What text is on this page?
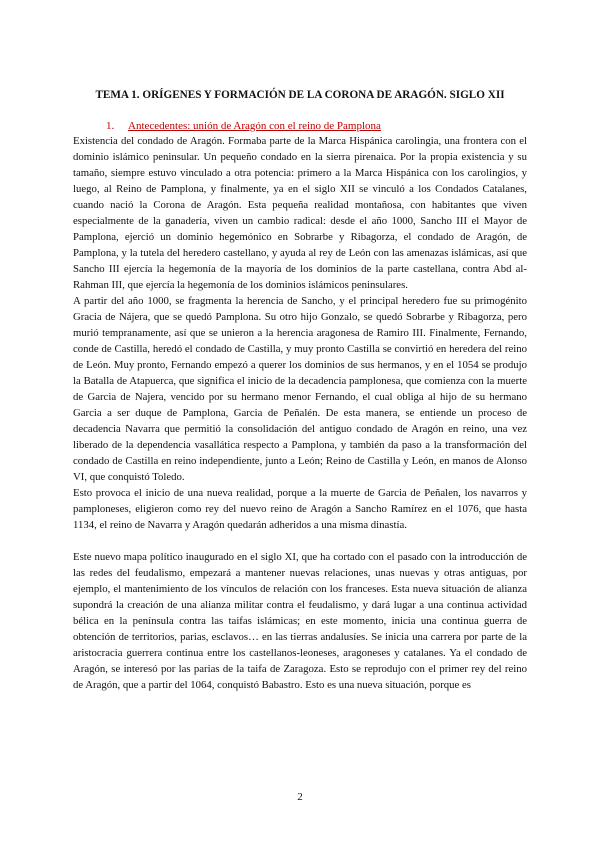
TEMA 1. ORÍGENES Y FORMACIÓN DE LA CORONA DE ARAGÓN. SIGLO XII
1. Antecedentes: unión de Aragón con el reino de Pamplona

Existencia del condado de Aragón. Formaba parte de la Marca Hispánica carolingia, una frontera con el dominio islámico peninsular. Un pequeño condado en la sierra pirenaica. Por la propia existencia y su tamaño, siempre estuvo vinculado a otra potencia: primero a la Marca Hispánica con los carolingios, y luego, al Reino de Pamplona, y finalmente, ya en el siglo XII se vinculó a los Condados Catalanes, cuando nació la Corona de Aragón. Esta pequeña realidad montañosa, con habitantes que viven especialmente de la ganadería, viven un cambio radical: desde el año 1000, Sancho III el Mayor de Pamplona, ejerció un dominio hegemónico en Sobrarbe y Ribagorza, el condado de Aragón, de Pamplona, y la tutela del heredero castellano, y ayuda al rey de León con las amenazas islámicas, así que Sancho III ejercía la hegemonía de la mayoría de los dominios de la parte castellana, contra Abd al-Rahman III, que ejercía la hegemonía de los dominios islámicos peninsulares.

A partir del año 1000, se fragmenta la herencia de Sancho, y el principal heredero fue su primogénito Gracia de Nájera, que se quedó Pamplona. Su otro hijo Gonzalo, se quedó Sobrarbe y Ribagorza, pero murió tempranamente, así que se unieron a la herencia aragonesa de Ramiro III. Finalmente, Fernando, conde de Castilla, heredó el condado de Castilla, y muy pronto Castilla se convirtió en heredera del reino de León. Muy pronto, Fernando empezó a querer los dominios de sus hermanos, y en el 1054 se produjo la Batalla de Atapuerca, que significa el inicio de la decadencia pamplonesa, que comienza con la muerte de Garcia de Najera, vencido por su hermano menor Fernando, el cual obliga al hijo de su hermano Garcia a ser duque de Pamplona, Garcia de Peñalén. De esta manera, se entiende un proceso de decadencia Navarra que permitió la consolidación del antiguo condado de Aragón en reino, una vez liberado de la dependencia vasallática respecto a Pamplona, y también da paso a la transformación del condado de Castilla en reino independiente, junto a León; Reino de Castilla y León, en manos de Alonso VI, que conquistó Toledo.

Esto provoca el inicio de una nueva realidad, porque a la muerte de Garcia de Peñalen, los navarros y pamploneses, eligieron como rey del nuevo reino de Aragón a Sancho Ramírez en el 1076, que hasta 1134, el reino de Navarra y Aragón quedarán adheridos a una misma dinastía.

Este nuevo mapa político inaugurado en el siglo XI, que ha cortado con el pasado con la introducción de las redes del feudalismo, empezará a mantener nuevas relaciones, unas nuevas y otras antiguas, por ejemplo, el mantenimiento de los vínculos de relación con los franceses. Esta nueva situación de alianza supondrá la creación de una alianza militar contra el feudalismo, y dará lugar a una continua actividad bélica en la península contra las taifas islámicas; en este momento, inicia una continua guerra de obtención de territorios, parias, esclavos… en las tierras andalusíes. Se inicia una carrera por parte de la aristocracia guerrera continua entre los castellanos-leoneses, aragoneses y catalanes. Ya el condado de Aragón, se interesó por las parias de la taifa de Zaragoza. Esto se reprodujo con el primer rey del reino de Aragón, que a partir del 1064, conquistó Babastro. Esto es una nueva situación, porque es

2
